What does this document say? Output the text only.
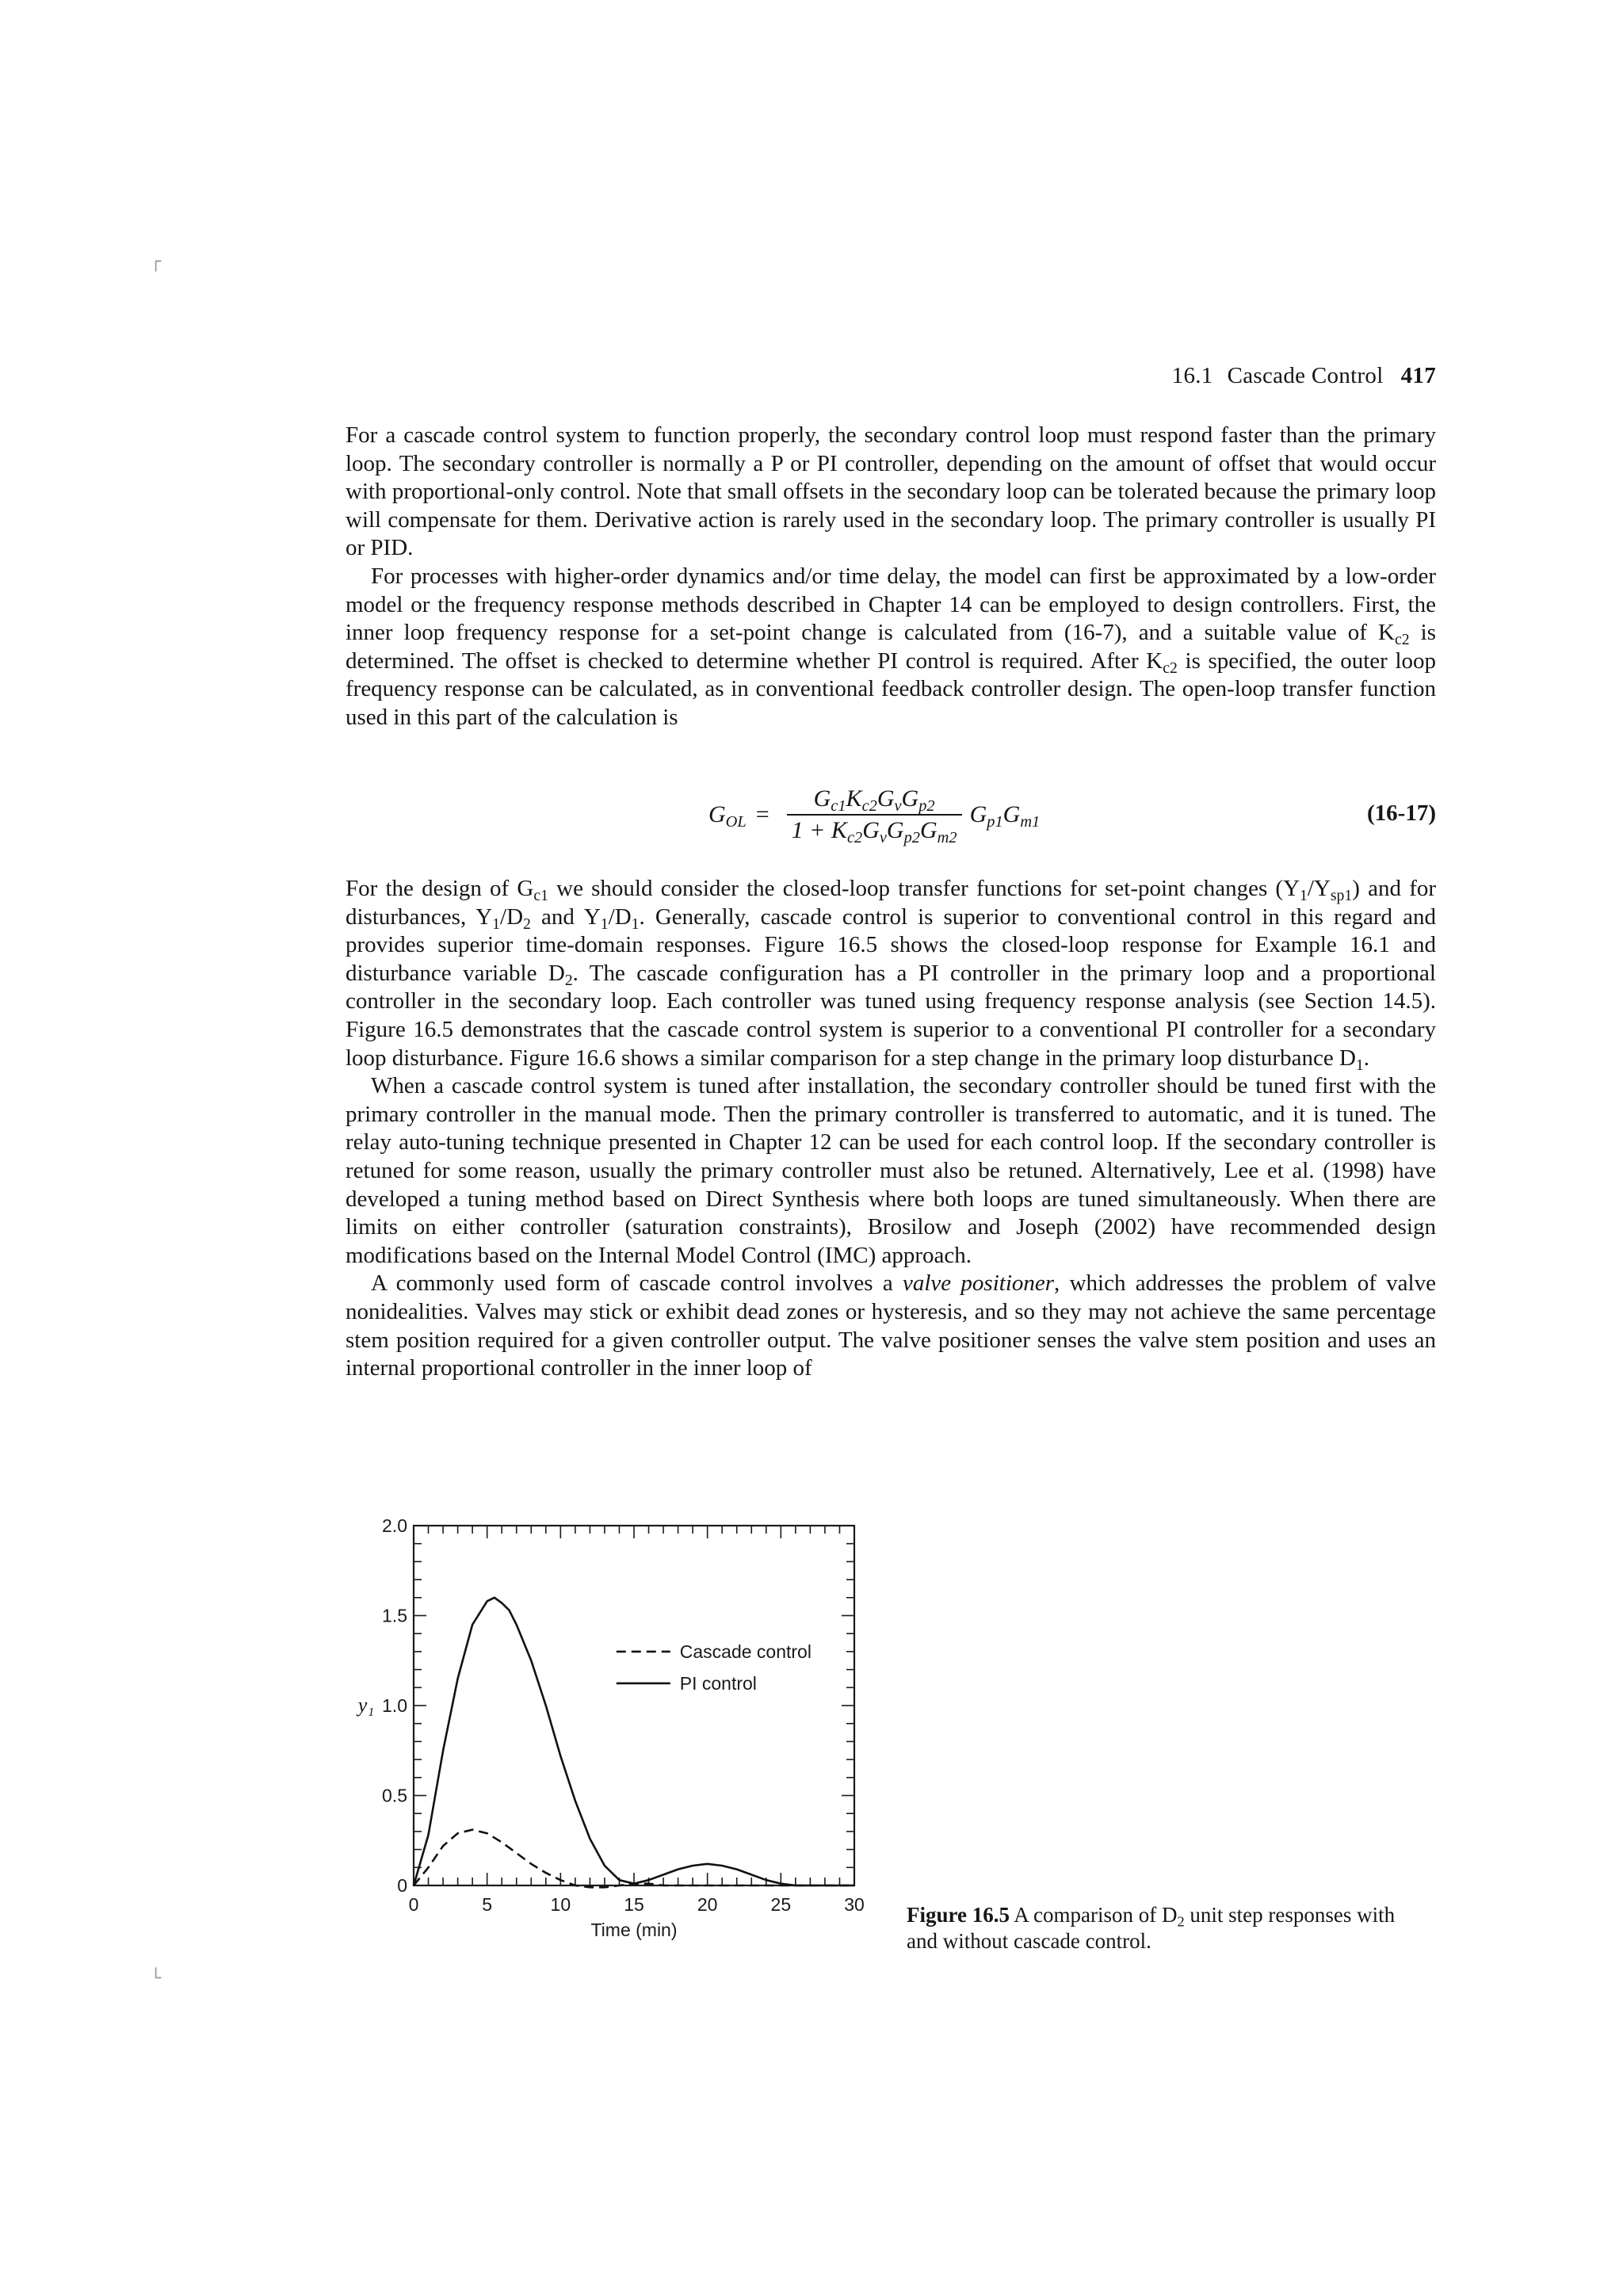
16.1 Cascade Control 417

For a cascade control system to function properly, the secondary control loop must respond faster than the primary loop. The secondary controller is normally a P or PI controller, depending on the amount of offset that would occur with proportional-only control. Note that small offsets in the secondary loop can be tolerated because the primary loop will compensate for them. Derivative action is rarely used in the secondary loop. The primary controller is usually PI or PID.

For processes with higher-order dynamics and/or time delay, the model can first be approximated by a low-order model or the frequency response methods described in Chapter 14 can be employed to design controllers. First, the inner loop frequency response for a set-point change is calculated from (16-7), and a suitable value of $K_{c2}$ is determined. The offset is checked to determine whether PI control is required. After $K_{c2}$ is specified, the outer loop frequency response can be calculated, as in conventional feedback controller design. The open-loop transfer function used in this part of the calculation is

$G_{OL} = \frac{G_{c1}K_{c2}G_vG_{p2}}{1 + K_{c2}G_vG_{p2}G_{m2}} G_{p1}G_{m1}$	(16-17)

For the design of $G_{c1}$ we should consider the closed-loop transfer functions for set-point changes $(Y_1/Y_{sp1})$ and for disturbances, $Y_1/D_2$ and $Y_1/D_1$. Generally, cascade control is superior to conventional control in this regard and provides superior time-domain responses. Figure 16.5 shows the closed-loop response for Example 16.1 and disturbance variable $D_2$. The cascade configuration has a PI controller in the primary loop and a proportional controller in the secondary loop. Each controller was tuned using frequency response analysis (see Section 14.5). Figure 16.5 demonstrates that the cascade control system is superior to a conventional PI controller for a secondary loop disturbance. Figure 16.6 shows a similar comparison for a step change in the primary loop disturbance $D_1$.

When a cascade control system is tuned after installation, the secondary controller should be tuned first with the primary controller in the manual mode. Then the primary controller is transferred to automatic, and it is tuned. The relay auto-tuning technique presented in Chapter 12 can be used for each control loop. If the secondary controller is retuned for some reason, usually the primary controller must also be retuned. Alternatively, Lee et al. (1998) have developed a tuning method based on Direct Synthesis where both loops are tuned simultaneously. When there are limits on either controller (saturation constraints), Brosilow and Joseph (2002) have recommended design modifications based on the Internal Model Control (IMC) approach.

A commonly used form of cascade control involves a valve positioner, which addresses the problem of valve nonidealities. Valves may stick or exhibit dead zones or hysteresis, and so they may not achieve the same percentage stem position required for a given controller output. The valve positioner senses the valve stem position and uses an internal proportional controller in the inner loop of

0	5	10	15	20	25	30
0
0.5
1.0
1.5
2.0
Time (min)
y₁
Cascade control
PI control
Figure 16.5 A comparison of $D_2$ unit step responses with and without cascade control.
┌
└
